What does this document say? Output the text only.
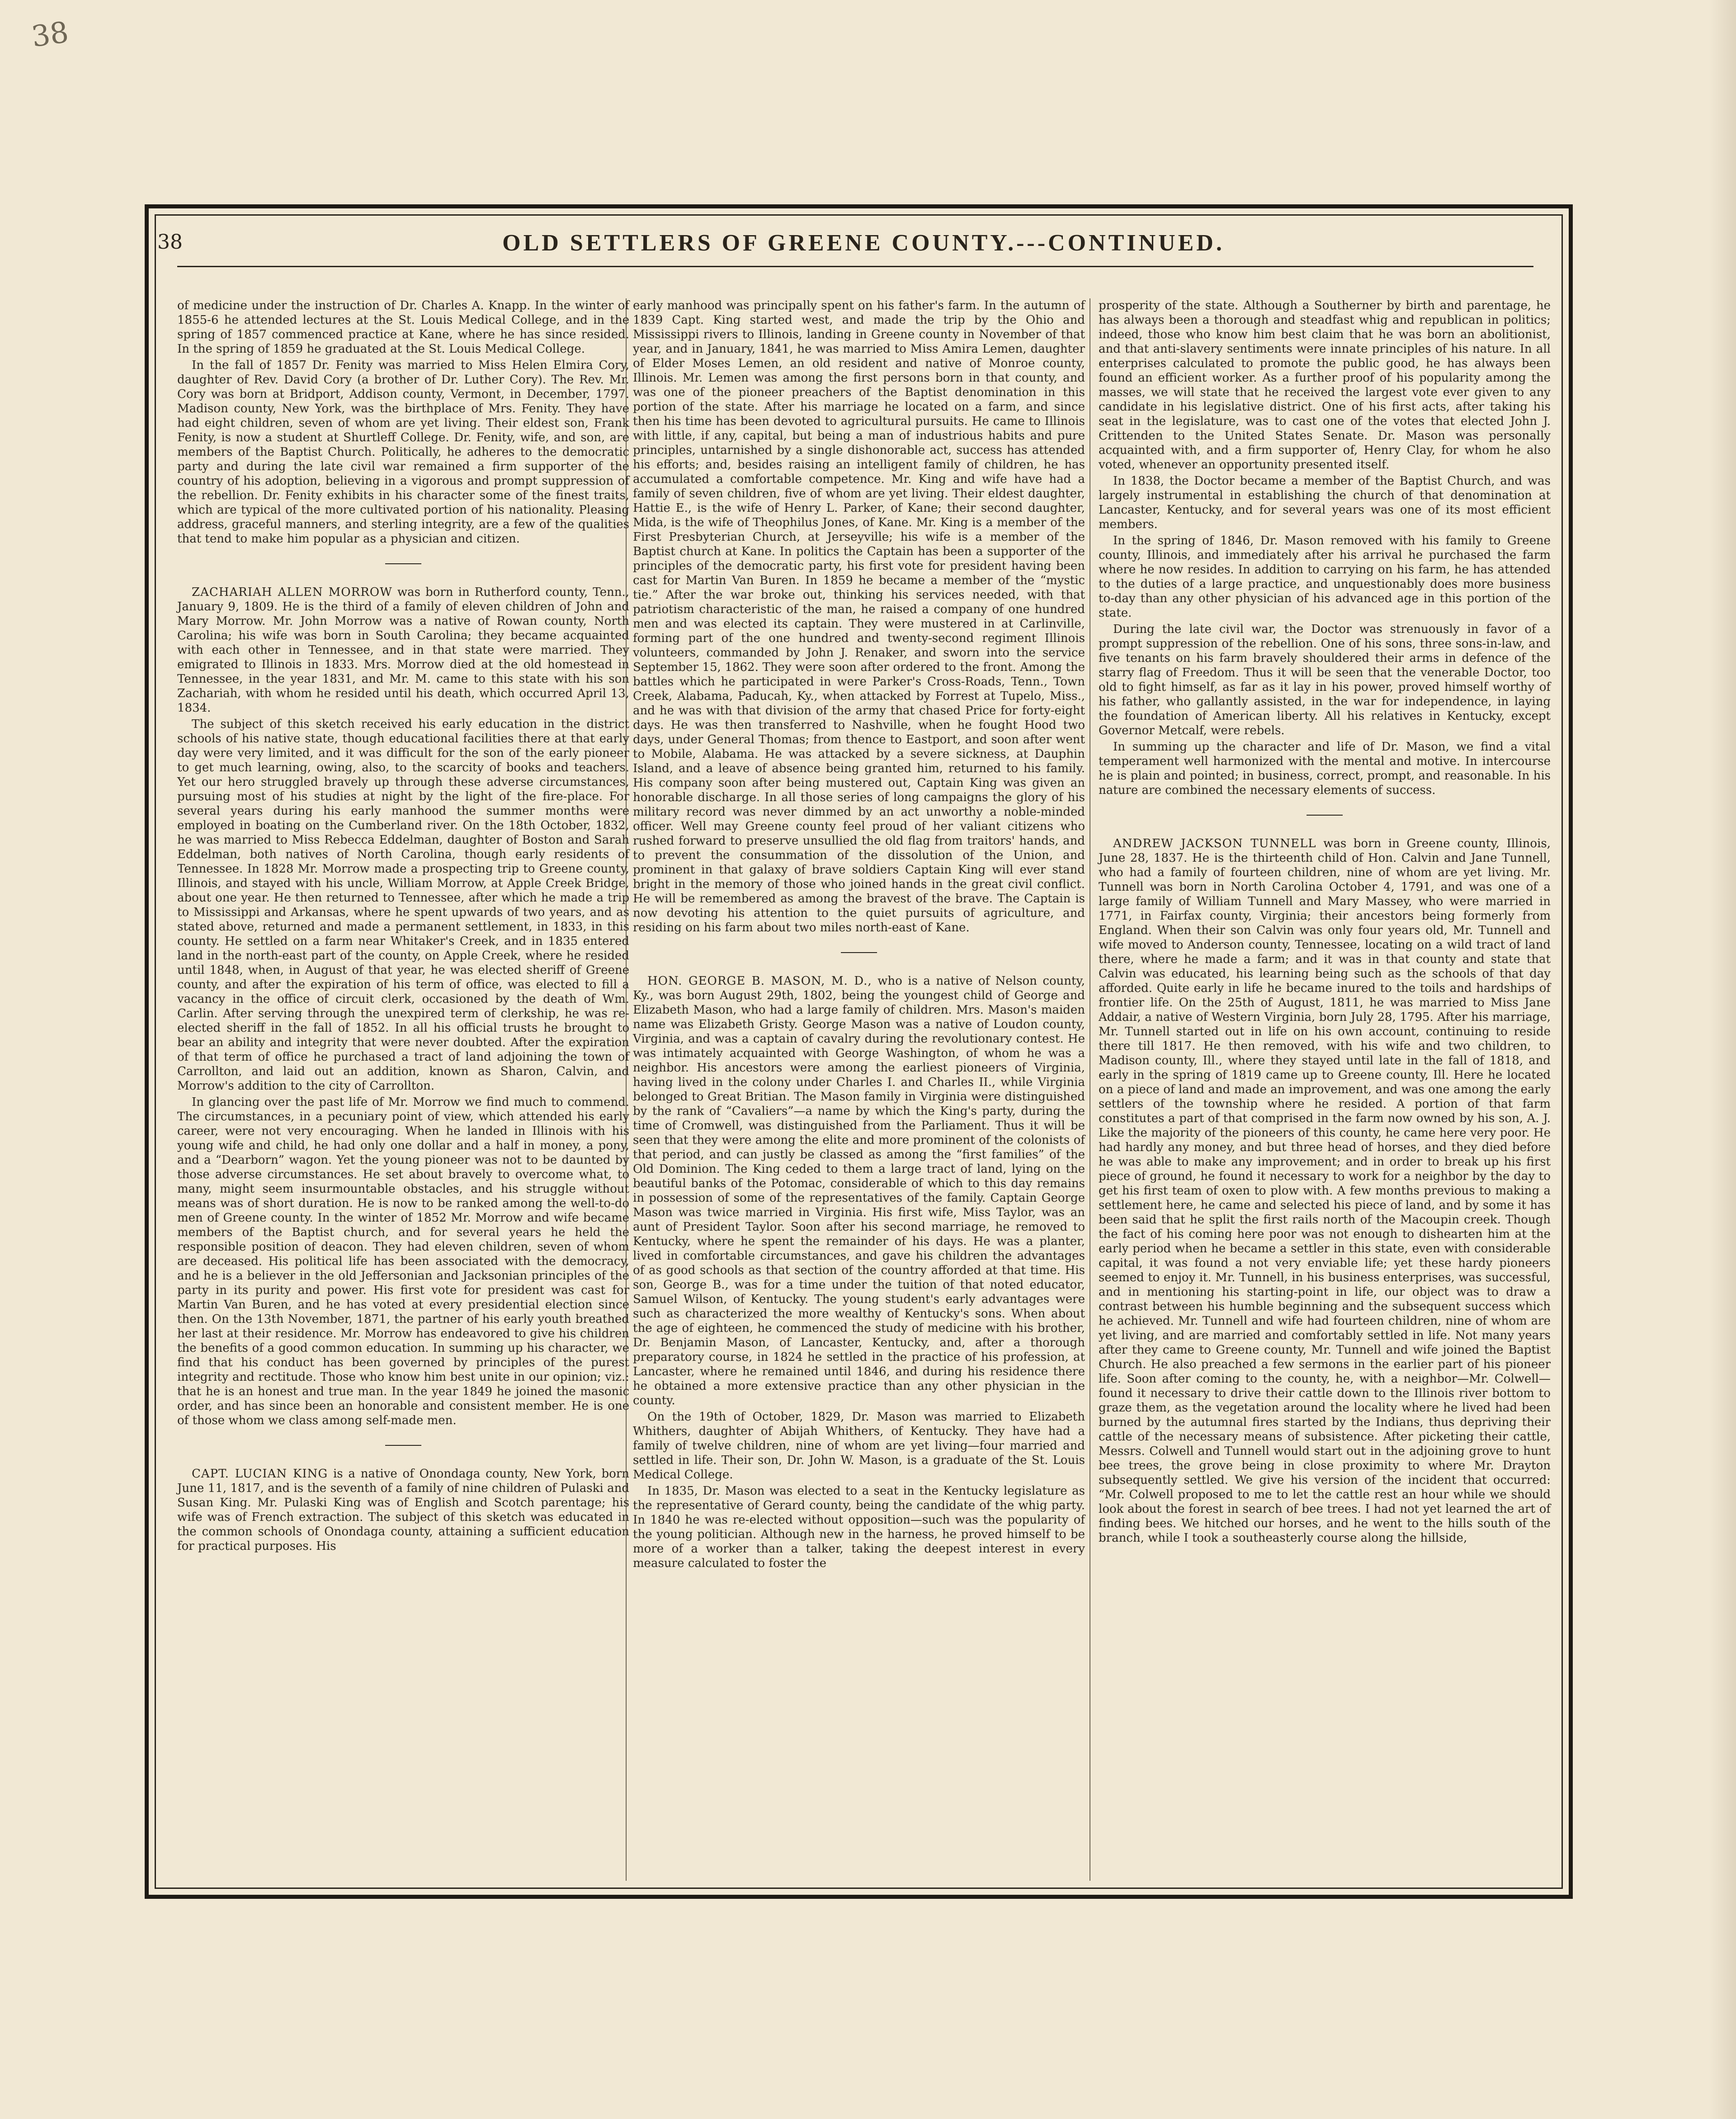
38
38	OLD SETTLERS OF GREENE COUNTY.---CONTINUED.

of medicine under the instruction of Dr. Charles A. Knapp. In the winter of 1855-6 he attended lectures at the St. Louis Medical College, and in the spring of 1857 commenced practice at Kane, where he has since resided. In the spring of 1859 he graduated at the St. Louis Medical College.

In the fall of 1857 Dr. Fenity was married to Miss Helen Elmira Cory, daughter of Rev. David Cory (a brother of Dr. Luther Cory). The Rev. Mr. Cory was born at Bridport, Addison county, Vermont, in December, 1797. Madison county, New York, was the birthplace of Mrs. Fenity. They have had eight children, seven of whom are yet living. Their eldest son, Frank Fenity, is now a student at Shurtleff College. Dr. Fenity, wife, and son, are members of the Baptist Church. Politically, he adheres to the democratic party and during the late civil war remained a firm supporter of the country of his adoption, believing in a vigorous and prompt suppression of the rebellion. Dr. Fenity exhibits in his character some of the finest traits, which are typical of the more cultivated portion of his nationality. Pleasing address, graceful manners, and sterling integrity, are a few of the qualities that tend to make him popular as a physician and citizen.

ZACHARIAH ALLEN MORROW was born in Rutherford county, Tenn., January 9, 1809. He is the third of a family of eleven children of John and Mary Morrow. Mr. John Morrow was a native of Rowan county, North Carolina; his wife was born in South Carolina; they became acquainted with each other in Tennessee, and in that state were married. They emigrated to Illinois in 1833. Mrs. Morrow died at the old homestead in Tennessee, in the year 1831, and Mr. M. came to this state with his son Zachariah, with whom he resided until his death, which occurred April 13, 1834.

The subject of this sketch received his early education in the district schools of his native state, though educational facilities there at that early day were very limited, and it was difficult for the son of the early pioneer to get much learning, owing, also, to the scarcity of books and teachers. Yet our hero struggled bravely up through these adverse circumstances, pursuing most of his studies at night by the light of the fire-place. For several years during his early manhood the summer months were employed in boating on the Cumberland river. On the 18th October, 1832, he was married to Miss Rebecca Eddelman, daughter of Boston and Sarah Eddelman, both natives of North Carolina, though early residents of Tennessee. In 1828 Mr. Morrow made a prospecting trip to Greene county, Illinois, and stayed with his uncle, William Morrow, at Apple Creek Bridge, about one year. He then returned to Tennessee, after which he made a trip to Mississippi and Arkansas, where he spent upwards of two years, and as stated above, returned and made a permanent settlement, in 1833, in this county. He settled on a farm near Whitaker's Creek, and in 1835 entered land in the north-east part of the county, on Apple Creek, where he resided until 1848, when, in August of that year, he was elected sheriff of Greene county, and after the expiration of his term of office, was elected to fill a vacancy in the office of circuit clerk, occasioned by the death of Wm. Carlin. After serving through the unexpired term of clerkship, he was re-elected sheriff in the fall of 1852. In all his official trusts he brought to bear an ability and integrity that were never doubted. After the expiration of that term of office he purchased a tract of land adjoining the town of Carrollton, and laid out an addition, known as Sharon, Calvin, and Morrow's addition to the city of Carrollton.

In glancing over the past life of Mr. Morrow we find much to commend. The circumstances, in a pecuniary point of view, which attended his early career, were not very encouraging. When he landed in Illinois with his young wife and child, he had only one dollar and a half in money, a pony, and a “Dearborn” wagon. Yet the young pioneer was not to be daunted by those adverse circumstances. He set about bravely to overcome what, to many, might seem insurmountable obstacles, and his struggle without means was of short duration. He is now to be ranked among the well-to-do men of Greene county. In the winter of 1852 Mr. Morrow and wife became members of the Baptist church, and for several years he held the responsible position of deacon. They had eleven children, seven of whom are deceased. His political life has been associated with the democracy, and he is a believer in the old Jeffersonian and Jacksonian principles of the party in its purity and power. His first vote for president was cast for Martin Van Buren, and he has voted at every presidential election since then. On the 13th November, 1871, the partner of his early youth breathed her last at their residence. Mr. Morrow has endeavored to give his children the benefits of a good common education. In summing up his character, we find that his conduct has been governed by principles of the purest integrity and rectitude. Those who know him best unite in our opinion; viz.: that he is an honest and true man. In the year 1849 he joined the masonic order, and has since been an honorable and consistent member. He is one of those whom we class among self-made men.

CAPT. LUCIAN KING is a native of Onondaga county, New York, born June 11, 1817, and is the seventh of a family of nine children of Pulaski and Susan King. Mr. Pulaski King was of English and Scotch parentage; his wife was of French extraction. The subject of this sketch was educated in the common schools of Onondaga county, attaining a sufficient education for practical purposes. His

early manhood was principally spent on his father's farm. In the autumn of 1839 Capt. King started west, and made the trip by the Ohio and Mississippi rivers to Illinois, landing in Greene county in November of that year, and in January, 1841, he was married to Miss Amira Lemen, daughter of Elder Moses Lemen, an old resident and native of Monroe county, Illinois. Mr. Lemen was among the first persons born in that county, and was one of the pioneer preachers of the Baptist denomination in this portion of the state. After his marriage he located on a farm, and since then his time has been devoted to agricultural pursuits. He came to Illinois with little, if any, capital, but being a man of industrious habits and pure principles, untarnished by a single dishonorable act, success has attended his efforts; and, besides raising an intelligent family of children, he has accumulated a comfortable competence. Mr. King and wife have had a family of seven children, five of whom are yet living. Their eldest daughter, Hattie E., is the wife of Henry L. Parker, of Kane; their second daughter, Mida, is the wife of Theophilus Jones, of Kane. Mr. King is a member of the First Presbyterian Church, at Jerseyville; his wife is a member of the Baptist church at Kane. In politics the Captain has been a supporter of the principles of the democratic party, his first vote for president having been cast for Martin Van Buren. In 1859 he became a member of the “mystic tie.” After the war broke out, thinking his services needed, with that patriotism characteristic of the man, he raised a company of one hundred men and was elected its captain. They were mustered in at Carlinville, forming part of the one hundred and twenty-second regiment Illinois volunteers, commanded by John J. Renaker, and sworn into the service September 15, 1862. They were soon after ordered to the front. Among the battles which he participated in were Parker's Cross-Roads, Tenn., Town Creek, Alabama, Paducah, Ky., when attacked by Forrest at Tupelo, Miss., and he was with that division of the army that chased Price for forty-eight days. He was then transferred to Nashville, when he fought Hood two days, under General Thomas; from thence to Eastport, and soon after went to Mobile, Alabama. He was attacked by a severe sickness, at Dauphin Island, and a leave of absence being granted him, returned to his family. His company soon after being mustered out, Captain King was given an honorable discharge. In all those series of long campaigns the glory of his military record was never dimmed by an act unworthy a noble-minded officer. Well may Greene county feel proud of her valiant citizens who rushed forward to preserve unsullied the old flag from traitors' hands, and to prevent the consummation of the dissolution of the Union, and prominent in that galaxy of brave soldiers Captain King will ever stand bright in the memory of those who joined hands in the great civil conflict. He will be remembered as among the bravest of the brave. The Captain is now devoting his attention to the quiet pursuits of agriculture, and residing on his farm about two miles north-east of Kane.

HON. GEORGE B. MASON, M. D., who is a native of Nelson county, Ky., was born August 29th, 1802, being the youngest child of George and Elizabeth Mason, who had a large family of children. Mrs. Mason's maiden name was Elizabeth Gristy. George Mason was a native of Loudon county, Virginia, and was a captain of cavalry during the revolutionary contest. He was intimately acquainted with George Washington, of whom he was a neighbor. His ancestors were among the earliest pioneers of Virginia, having lived in the colony under Charles I. and Charles II., while Virginia belonged to Great Britian. The Mason family in Virginia were distinguished by the rank of “Cavaliers”—a name by which the King's party, during the time of Cromwell, was distinguished from the Parliament. Thus it will be seen that they were among the elite and more prominent of the colonists of that period, and can justly be classed as among the “first families” of the Old Dominion. The King ceded to them a large tract of land, lying on the beautiful banks of the Potomac, considerable of which to this day remains in possession of some of the representatives of the family. Captain George Mason was twice married in Virginia. His first wife, Miss Taylor, was an aunt of President Taylor. Soon after his second marriage, he removed to Kentucky, where he spent the remainder of his days. He was a planter, lived in comfortable circumstances, and gave his children the advantages of as good schools as that section of the country afforded at that time. His son, George B., was for a time under the tuition of that noted educator, Samuel Wilson, of Kentucky. The young student's early advantages were such as characterized the more wealthy of Kentucky's sons. When about the age of eighteen, he commenced the study of medicine with his brother, Dr. Benjamin Mason, of Lancaster, Kentucky, and, after a thorough preparatory course, in 1824 he settled in the practice of his profession, at Lancaster, where he remained until 1846, and during his residence there he obtained a more extensive practice than any other physician in the county.

On the 19th of October, 1829, Dr. Mason was married to Elizabeth Whithers, daughter of Abijah Whithers, of Kentucky. They have had a family of twelve children, nine of whom are yet living—four married and settled in life. Their son, Dr. John W. Mason, is a graduate of the St. Louis Medical College.

In 1835, Dr. Mason was elected to a seat in the Kentucky legislature as the representative of Gerard county, being the candidate of the whig party. In 1840 he was re-elected without opposition—such was the popularity of the young politician. Although new in the harness, he proved himself to be more of a worker than a talker, taking the deepest interest in every measure calculated to foster the

prosperity of the state. Although a Southerner by birth and parentage, he has always been a thorough and steadfast whig and republican in politics; indeed, those who know him best claim that he was born an abolitionist, and that anti-slavery sentiments were innate principles of his nature. In all enterprises calculated to promote the public good, he has always been found an efficient worker. As a further proof of his popularity among the masses, we will state that he received the largest vote ever given to any candidate in his legislative district. One of his first acts, after taking his seat in the legislature, was to cast one of the votes that elected John J. Crittenden to the United States Senate. Dr. Mason was personally acquainted with, and a firm supporter of, Henry Clay, for whom he also voted, whenever an opportunity presented itself.

In 1838, the Doctor became a member of the Baptist Church, and was largely instrumental in establishing the church of that denomination at Lancaster, Kentucky, and for several years was one of its most efficient members.

In the spring of 1846, Dr. Mason removed with his family to Greene county, Illinois, and immediately after his arrival he purchased the farm where he now resides. In addition to carrying on his farm, he has attended to the duties of a large practice, and unquestionably does more business to-day than any other physician of his advanced age in this portion of the state.

During the late civil war, the Doctor was strenuously in favor of a prompt suppression of the rebellion. One of his sons, three sons-in-law, and five tenants on his farm bravely shouldered their arms in defence of the starry flag of Freedom. Thus it will be seen that the venerable Doctor, too old to fight himself, as far as it lay in his power, proved himself worthy of his father, who gallantly assisted, in the war for independence, in laying the foundation of American liberty. All his relatives in Kentucky, except Governor Metcalf, were rebels.

In summing up the character and life of Dr. Mason, we find a vital temperament well harmonized with the mental and motive. In intercourse he is plain and pointed; in business, correct, prompt, and reasonable. In his nature are combined the necessary elements of success.

ANDREW JACKSON TUNNELL was born in Greene county, Illinois, June 28, 1837. He is the thirteenth child of Hon. Calvin and Jane Tunnell, who had a family of fourteen children, nine of whom are yet living. Mr. Tunnell was born in North Carolina October 4, 1791, and was one of a large family of William Tunnell and Mary Massey, who were married in 1771, in Fairfax county, Virginia; their ancestors being formerly from England. When their son Calvin was only four years old, Mr. Tunnell and wife moved to Anderson county, Tennessee, locating on a wild tract of land there, where he made a farm; and it was in that county and state that Calvin was educated, his learning being such as the schools of that day afforded. Quite early in life he became inured to the toils and hardships of frontier life. On the 25th of August, 1811, he was married to Miss Jane Addair, a native of Western Virginia, born July 28, 1795. After his marriage, Mr. Tunnell started out in life on his own account, continuing to reside there till 1817. He then removed, with his wife and two children, to Madison county, Ill., where they stayed until late in the fall of 1818, and early in the spring of 1819 came up to Greene county, Ill. Here he located on a piece of land and made an improvement, and was one among the early settlers of the township where he resided. A portion of that farm constitutes a part of that comprised in the farm now owned by his son, A. J. Like the majority of the pioneers of this county, he came here very poor. He had hardly any money, and but three head of horses, and they died before he was able to make any improvement; and in order to break up his first piece of ground, he found it necessary to work for a neighbor by the day to get his first team of oxen to plow with. A few months previous to making a settlement here, he came and selected his piece of land, and by some it has been said that he split the first rails north of the Macoupin creek. Though the fact of his coming here poor was not enough to dishearten him at the early period when he became a settler in this state, even with considerable capital, it was found a not very enviable life; yet these hardy pioneers seemed to enjoy it. Mr. Tunnell, in his business enterprises, was successful, and in mentioning his starting-point in life, our object was to draw a contrast between his humble beginning and the subsequent success which he achieved. Mr. Tunnell and wife had fourteen children, nine of whom are yet living, and are married and comfortably settled in life. Not many years after they came to Greene county, Mr. Tunnell and wife joined the Baptist Church. He also preached a few sermons in the earlier part of his pioneer life. Soon after coming to the county, he, with a neighbor—Mr. Colwell—found it necessary to drive their cattle down to the Illinois river bottom to graze them, as the vegetation around the locality where he lived had been burned by the autumnal fires started by the Indians, thus depriving their cattle of the necessary means of subsistence. After picketing their cattle, Messrs. Colwell and Tunnell would start out in the adjoining grove to hunt bee trees, the grove being in close proximity to where Mr. Drayton subsequently settled. We give his version of the incident that occurred: “Mr. Colwell proposed to me to let the cattle rest an hour while we should look about the forest in search of bee trees. I had not yet learned the art of finding bees. We hitched our horses, and he went to the hills south of the branch, while I took a southeasterly course along the hillside,
